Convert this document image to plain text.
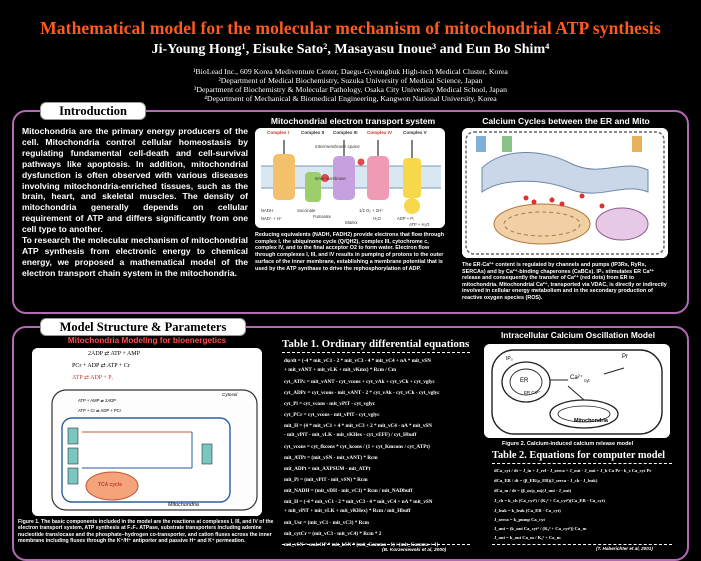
Mathematical model for the molecular mechanism of mitochondrial ATP synthesis
Ji-Young Hong¹, Eisuke Sato², Masayasu Inoue³ and Eun Bo Shim⁴
¹BioLead Inc., 609 Korea Mediventure Center, Daegu-Gyeongbuk High-tech Medical Cluster, Korea
²Department of Medical Biochemistry, Suzuka University of Medical Science, Japan
³Department of Biochemistry & Molecular Pathology, Osaka City University Medical School, Japan
⁴Department of Mechanical & Biomedical Engineering, Kangwon National University, Korea
Introduction
Mitochondria are the primary energy producers of the cell. Mitochondria control cellular homeostasis by regulating fundamental cell-death and cell-survival pathways like apoptosis. In addition, mitochondrial dysfunction is often observed with various diseases involving mitochondria-enriched tissues, such as the brain, heart, and skeletal muscles. The density of mitochondria generally depends on cellular requirement of ATP and differs significantly from one cell type to another.
To research the molecular mechanism of mitochondrial ATP synthesis from electronic energy to chemical energy, we proposed a mathematical model of the electron transport chain system in the mitochondria.
Mitochondrial electron transport system
Intermembrane space
Inner membrane
Matrix
NADH
NAD⁺ + H⁺
Succinate
Fumarate
1/2 O₂ + 2H⁺
H₂O	ADP + Pᵢ
ATP + H₂O
Complex I	Complex II Complex III Complex IV Complex V
Reducing equivalents (NADH, FADH2) provide electrons that flow through complex I, the ubiquinone cycle (Q/QH2), complex III, cytochrome c, complex IV, and to the final acceptor O2 to form water. Electron flow through complexes I, III, and IV results in pumping of protons to the outer surface of the inner membrane, establishing a membrane potential that is used by the ATP synthase to drive the rephosphorylation of ADP.
Calcium Cycles between the ER and Mito
The ER-Ca²⁺ content is regulated by channels and pumps (IP3Rs, RyRs, SERCAs) and by Ca²⁺-binding chaperones (CaBCs). IP₃ stimulates ER Ca²⁺ release and consequently the transfer of Ca²⁺ (red dots) from ER to mitochondria. Mitochondrial Ca²⁺, transported via VDAC, is directly or indirectly involved in cellular energy metabolism and in the secondary production of reactive oxygen species (ROS).
Model Structure & Parameters
Mitochondria Modeling for bioenergetics
2ADP ⇄ ATP + AMP
PCr + ADP ⇄ ATP + Cr
ATP ⇄ ADP + Pᵢ
Cytosol
TCA cycle
Mitochondria
ATP + AMP ⇄ 2ADP
ATP + Cr ⇄ ADP + PCr
Figure 1. The basic components included in the model are the reactions at complexes I, III, and IV of the electron transport system, ATP synthesis at F₁F₀ ATPase, substrate transporters including adenine nucleotide translocase and the phosphate–hydrogen co-transporter, and cation fluxes across the inner membrane including fluxes through the K⁺/H⁺ antiporter and passive H⁺ and K⁺ permeation.
Table 1. Ordinary differential equations
dψ/dt = (-4 * mit_vC1 - 2 * mit_vC3 - 4 * mit_vC4 + nA * mit_vSN
+ mit_vANT + mit_vLK + mit_vKmx) * Rcm / Cm
cyt_ATPc = mit_vANT - cyt_vcons + cyt_vAk + cyt_vCk + cyt_vglyc
cyt_ADPc = cyt_vcons - mit_vANT - 2 * cyt_vAk - cyt_vCk - cyt_vglyc
cyt_Pi = cyt_vcons - mit_vPiT - cyt_vglyc
cyt_PCr = cyt_vcons - mit_vPiT - cyt_vglyc
mit_H = (4 * mit_vC1 + 4 * mit_vC3 + 2 * mit_vC4 - nA * mit_vSN
- mit_vPiT - mit_vLK - mit_vKHex - cyt_vEFF) / cyt_Hbuff
cyt_vcons = cyt_fkcons * cyt_kcons / (1 + cyt_Kmcons / cyt_ATPt)
mit_ATPt = (mit_vSN - mit_vANT) * Rcm
mit_ADPt = mit_AXPSUM - mit_ATPt
mit_Pi = (mit_vPiT - mit_vSN) * Rcm
mit_NADH = (mit_vDH - mit_vC1) * Rcm / mit_NADbuff
mit_H = (-4 * mit_vC1 - 2 * mit_vC3 - 4 * mit_vC4 + nA * mit_vSN
+ mit_vPiT + mit_vLK + mit_vKHex) * Rcm / mit_Hbuff
mit_Usr = (mit_vC1 - mit_vC3) * Rcm
mit_cytCr = (mit_vC3 - mit_vC4) * Rcm * 2
mit_vSN = scaleOP * mit_kSN * (mit_Gamma - 1) / (mit_Gamma + 1)
(B. Korzeniewski et al, 2000)
Intracellular Calcium Oscillation Model
Pr
IP₃
ER	Ca²⁺ cyt
Mitochondria
ER Ca²⁺
Figure 2. Calcium-induced calcium release model
Table 2. Equations for computer model
dCa_cyt / dt = J_in + J_rel - J_serca + J_out - J_uni + J_b Ca Pr - k_s Ca_cyt Pr
dCa_ER / dt = (β_ER/ρ_ER)(J_serca - J_ch - J_leak)
dCa_m / dt = (β_m/ρ_m)(J_uni - J_out)
J_ch = k_ch (Ca_cyt²) / (K₁² + Ca_cyt²)(Ca_ER - Ca_cyt)
J_leak = k_leak (Ca_ER - Ca_cyt)
J_serca = k_pump Ca_cyt
J_uni = (k_uni Ca_cyt² / (K₂² + Ca_cyt²)) Ca_m
J_out = k_out Ca_m / K₃² + Ca_m
(T. Haberichter et al, 2001)
